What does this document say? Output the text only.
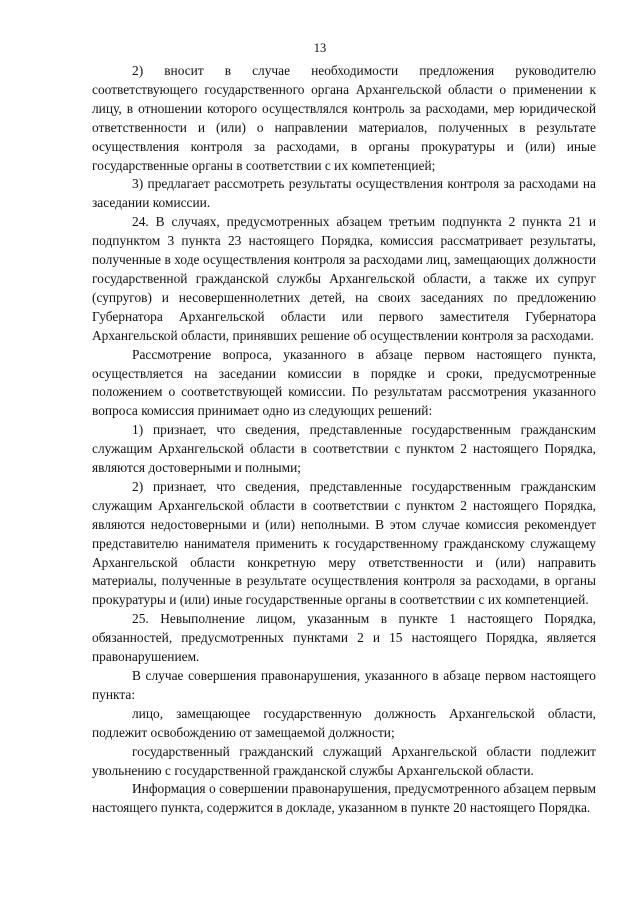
13

2) вносит в случае необходимости предложения руководителю соответствующего государственного органа Архангельской области о применении к лицу, в отношении которого осуществлялся контроль за расходами, мер юридической ответственности и (или) о направлении материалов, полученных в результате осуществления контроля за расходами, в органы прокуратуры и (или) иные государственные органы в соответствии с их компетенцией;

3) предлагает рассмотреть результаты осуществления контроля за расходами на заседании комиссии.

24. В случаях, предусмотренных абзацем третьим подпункта 2 пункта 21 и подпунктом 3 пункта 23 настоящего Порядка, комиссия рассматривает результаты, полученные в ходе осуществления контроля за расходами лиц, замещающих должности государственной гражданской службы Архангельской области, а также их супруг (супругов) и несовершеннолетних детей, на своих заседаниях по предложению Губернатора Архангельской области или первого заместителя Губернатора Архангельской области, принявших решение об осуществлении контроля за расходами.

Рассмотрение вопроса, указанного в абзаце первом настоящего пункта, осуществляется на заседании комиссии в порядке и сроки, предусмотренные положением о соответствующей комиссии. По результатам рассмотрения указанного вопроса комиссия принимает одно из следующих решений:

1) признает, что сведения, представленные государственным гражданским служащим Архангельской области в соответствии с пунктом 2 настоящего Порядка, являются достоверными и полными;

2) признает, что сведения, представленные государственным гражданским служащим Архангельской области в соответствии с пунктом 2 настоящего Порядка, являются недостоверными и (или) неполными. В этом случае комиссия рекомендует представителю нанимателя применить к государственному гражданскому служащему Архангельской области конкретную меру ответственности и (или) направить материалы, полученные в результате осуществления контроля за расходами, в органы прокуратуры и (или) иные государственные органы в соответствии с их компетенцией.

25. Невыполнение лицом, указанным в пункте 1 настоящего Порядка, обязанностей, предусмотренных пунктами 2 и 15 настоящего Порядка, является правонарушением.

В случае совершения правонарушения, указанного в абзаце первом настоящего пункта:

лицо, замещающее государственную должность Архангельской области, подлежит освобождению от замещаемой должности;

государственный гражданский служащий Архангельской области подлежит увольнению с государственной гражданской службы Архангельской области.

Информация о совершении правонарушения, предусмотренного абзацем первым настоящего пункта, содержится в докладе, указанном в пункте 20 настоящего Порядка.
